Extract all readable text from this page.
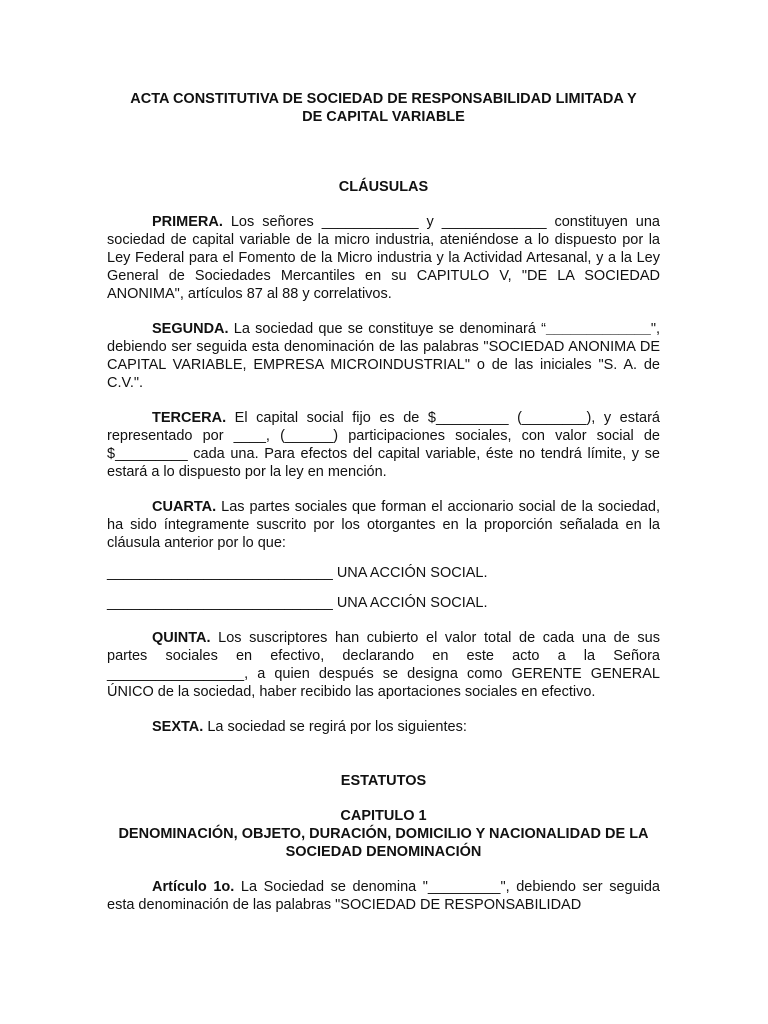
ACTA CONSTITUTIVA DE SOCIEDAD DE RESPONSABILIDAD LIMITADA Y

DE CAPITAL VARIABLE

CLÁUSULAS

PRIMERA. Los señores ____________ y _____________ constituyen una sociedad de capital variable de la micro industria, ateniéndose a lo dispuesto por la Ley Federal para el Fomento de la Micro industria y la Actividad Artesanal, y a la Ley General de Sociedades Mercantiles en su CAPITULO V, "DE LA SOCIEDAD ANONIMA", artículos 87 al 88 y correlativos.

SEGUNDA. La sociedad que se constituye se denominará “_____________", debiendo ser seguida esta denominación de las palabras "SOCIEDAD ANONIMA DE CAPITAL VARIABLE, EMPRESA MICROINDUSTRIAL" o de las iniciales "S. A. de C.V.".

TERCERA. El capital social fijo es de $_________ (________), y estará representado por ____, (______) participaciones sociales, con valor social de $_________ cada una. Para efectos del capital variable, éste no tendrá límite, y se estará a lo dispuesto por la ley en mención.

CUARTA. Las partes sociales que forman el accionario social de la sociedad, ha sido íntegramente suscrito por los otorgantes en la proporción señalada en la cláusula anterior por lo que:

____________________________ UNA ACCIÓN SOCIAL.

____________________________ UNA ACCIÓN SOCIAL.

QUINTA. Los suscriptores han cubierto el valor total de cada una de sus partes sociales en efectivo, declarando en este acto a la Señora _________________, a quien después se designa como GERENTE GENERAL ÚNICO de la sociedad, haber recibido las aportaciones sociales en efectivo.

SEXTA. La sociedad se regirá por los siguientes:

ESTATUTOS

CAPITULO 1

DENOMINACIÓN, OBJETO, DURACIÓN, DOMICILIO Y NACIONALIDAD DE LA SOCIEDAD DENOMINACIÓN

Artículo 1o. La Sociedad se denomina "_________", debiendo ser seguida esta denominación de las palabras "SOCIEDAD DE RESPONSABILIDAD
